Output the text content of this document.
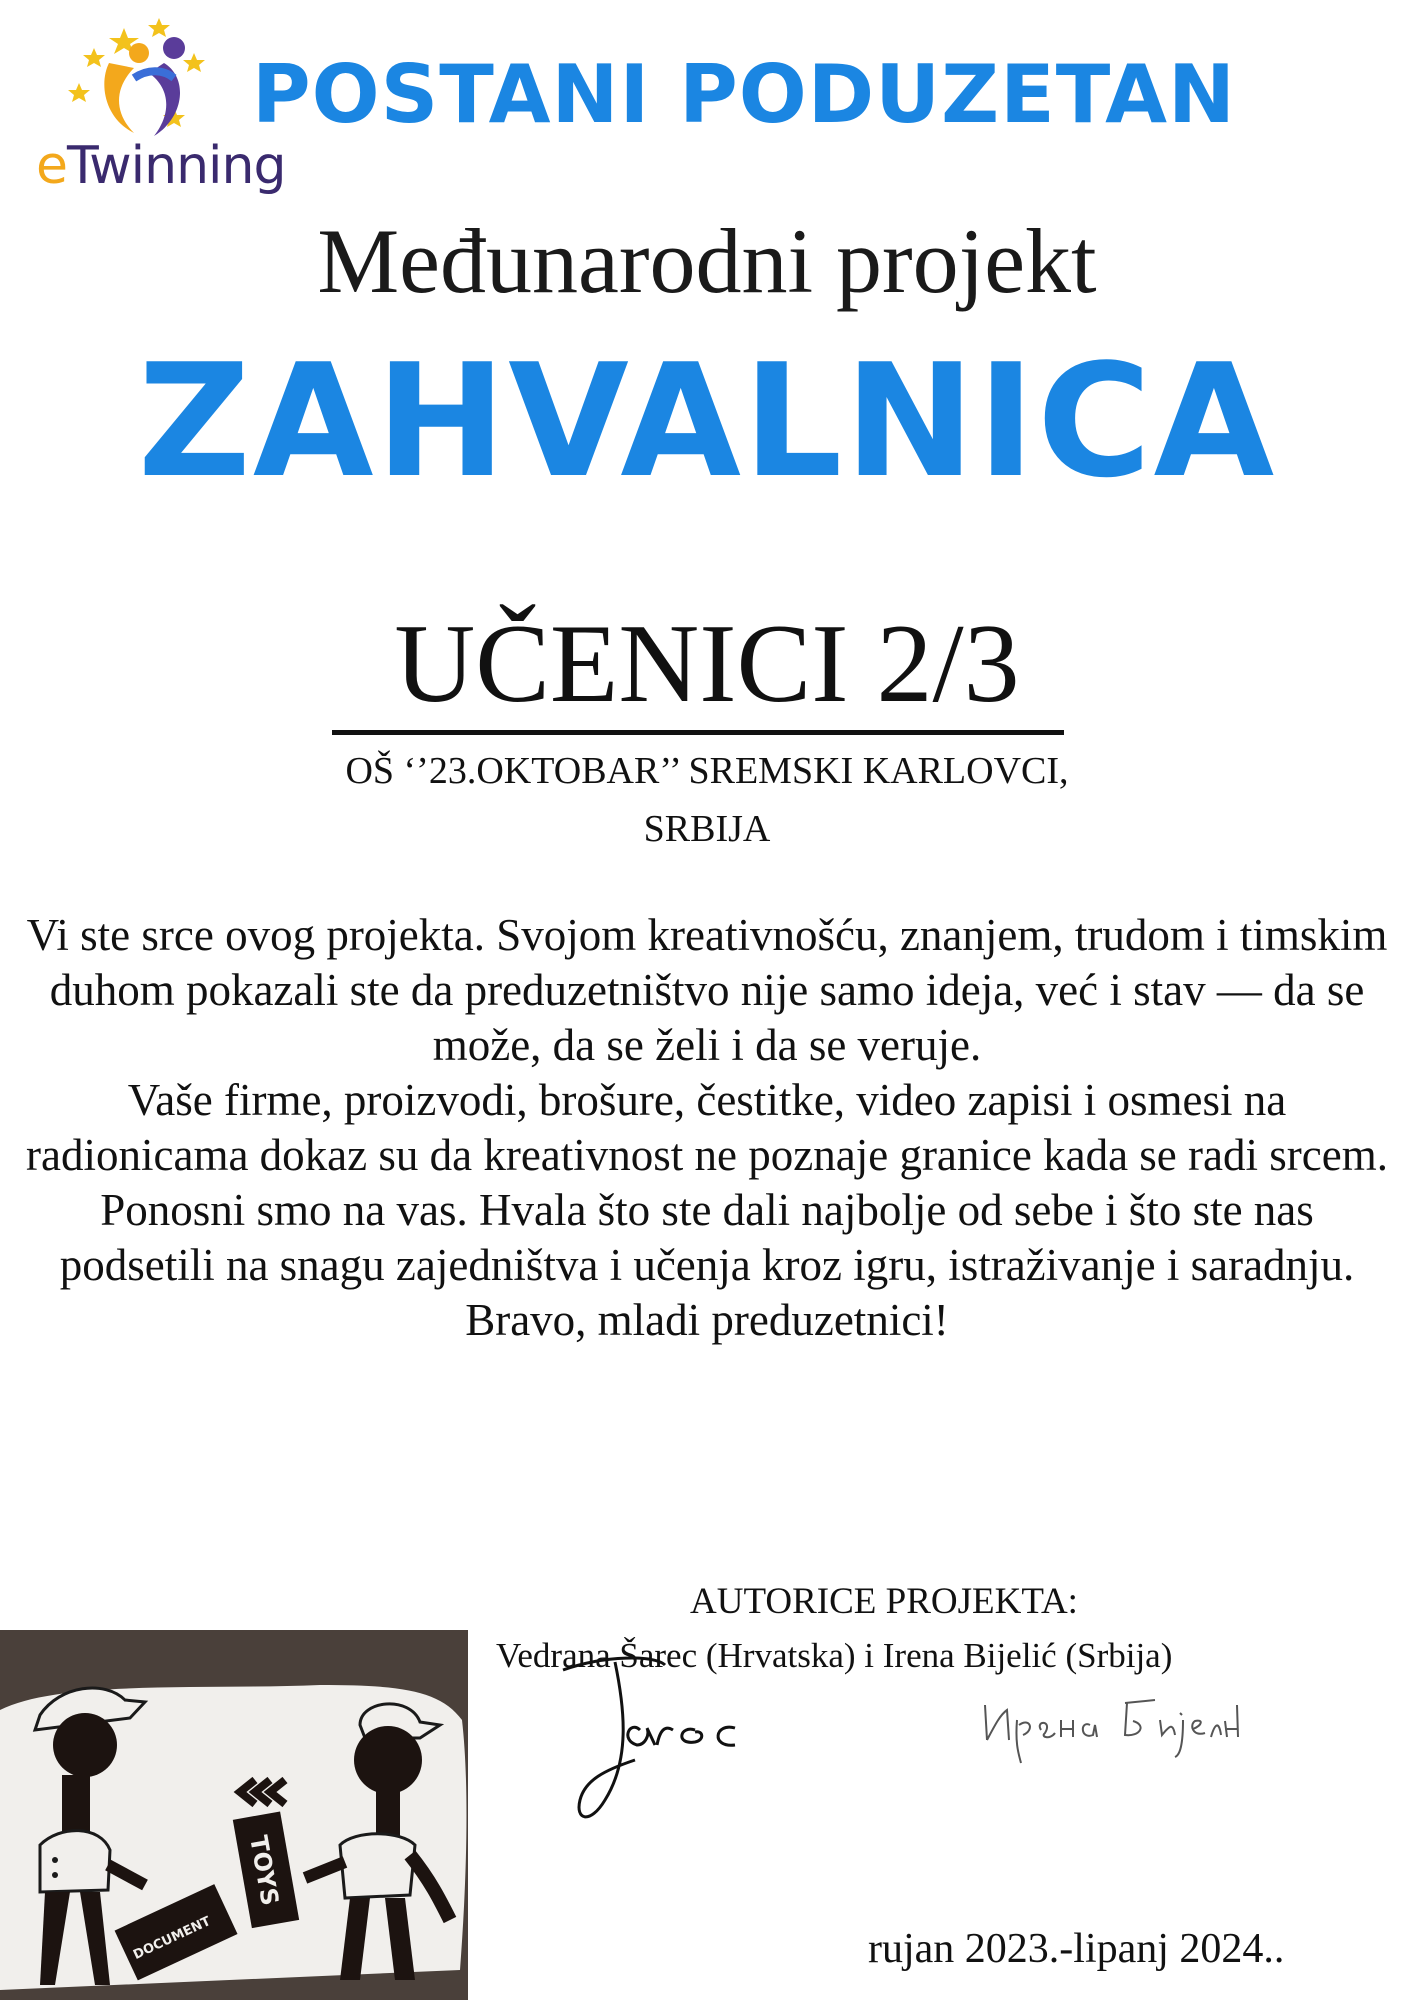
eTwinning
POSTANI PODUZETAN
Međunarodni projekt
ZAHVALNICA
UČENICI 2/3
OŠ ‘’23.OKTOBAR’’ SREMSKI KARLOVCI,
SRBIJA

Vi ste srce ovog projekta. Svojom kreativnošću, znanjem, trudom i timskim duhom pokazali ste da preduzetništvo nije samo ideja, već i stav — da se može, da se želi i da se veruje.

Vaše firme, proizvodi, brošure, čestitke, video zapisi i osmesi na radionicama dokaz su da kreativnost ne poznaje granice kada se radi srcem.

Ponosni smo na vas. Hvala što ste dali najbolje od sebe i što ste nas podsetili na snagu zajedništva i učenja kroz igru, istraživanje i saradnju.

Bravo, mladi preduzetnici!

AUTORICE PROJEKTA:
Vedrana Šarec (Hrvatska) i Irena Bijelić (Srbija)
DOCUMENT
TOYS
rujan 2023.-lipanj 2024..
